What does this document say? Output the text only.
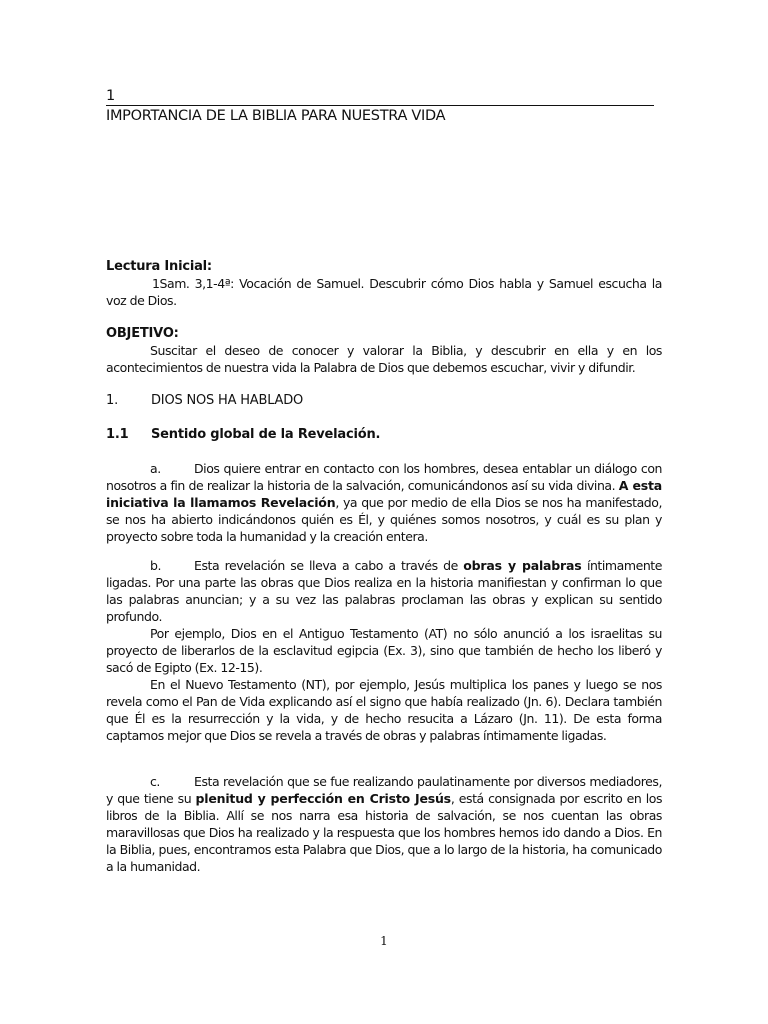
1
IMPORTANCIA DE LA BIBLIA PARA NUESTRA VIDA
Lectura Inicial:
1Sam. 3,1-4ª: Vocación de Samuel. Descubrir cómo Dios habla y Samuel escucha la voz de Dios.
OBJETIVO:
Suscitar el deseo de conocer y valorar la Biblia, y descubrir en ella y en los acontecimientos de nuestra vida la Palabra de Dios que debemos escuchar, vivir y difundir.
1.	DIOS NOS HA HABLADO
1.1 Sentido global de la Revelación.
a.	Dios quiere entrar en contacto con los hombres, desea entablar un diálogo con nosotros a fin de realizar la historia de la salvación, comunicándonos así su vida divina. A esta iniciativa la llamamos Revelación, ya que por medio de ella Dios se nos ha manifestado, se nos ha abierto indicándonos quién es Él, y quiénes somos nosotros, y cuál es su plan y proyecto sobre toda la humanidad y la creación entera.
b.	Esta revelación se lleva a cabo a través de obras y palabras íntimamente ligadas. Por una parte las obras que Dios realiza en la historia manifiestan y confirman lo que las palabras anuncian; y a su vez las palabras proclaman las obras y explican su sentido profundo.
Por ejemplo, Dios en el Antiguo Testamento (AT) no sólo anunció a los israelitas su proyecto de liberarlos de la esclavitud egipcia (Ex. 3), sino que también de hecho los liberó y sacó de Egipto (Ex. 12-15).
En el Nuevo Testamento (NT), por ejemplo, Jesús multiplica los panes y luego se nos revela como el Pan de Vida explicando así el signo que había realizado (Jn. 6). Declara también que Él es la resurrección y la vida, y de hecho resucita a Lázaro (Jn. 11). De esta forma captamos mejor que Dios se revela a través de obras y palabras íntimamente ligadas.
c.	Esta revelación que se fue realizando paulatinamente por diversos mediadores, y que tiene su plenitud y perfección en Cristo Jesús, está consignada por escrito en los libros de la Biblia. Allí se nos narra esa historia de salvación, se nos cuentan las obras maravillosas que Dios ha realizado y la respuesta que los hombres hemos ido dando a Dios. En la Biblia, pues, encontramos esta Palabra que Dios, que a lo largo de la historia, ha comunicado a la humanidad.
1
